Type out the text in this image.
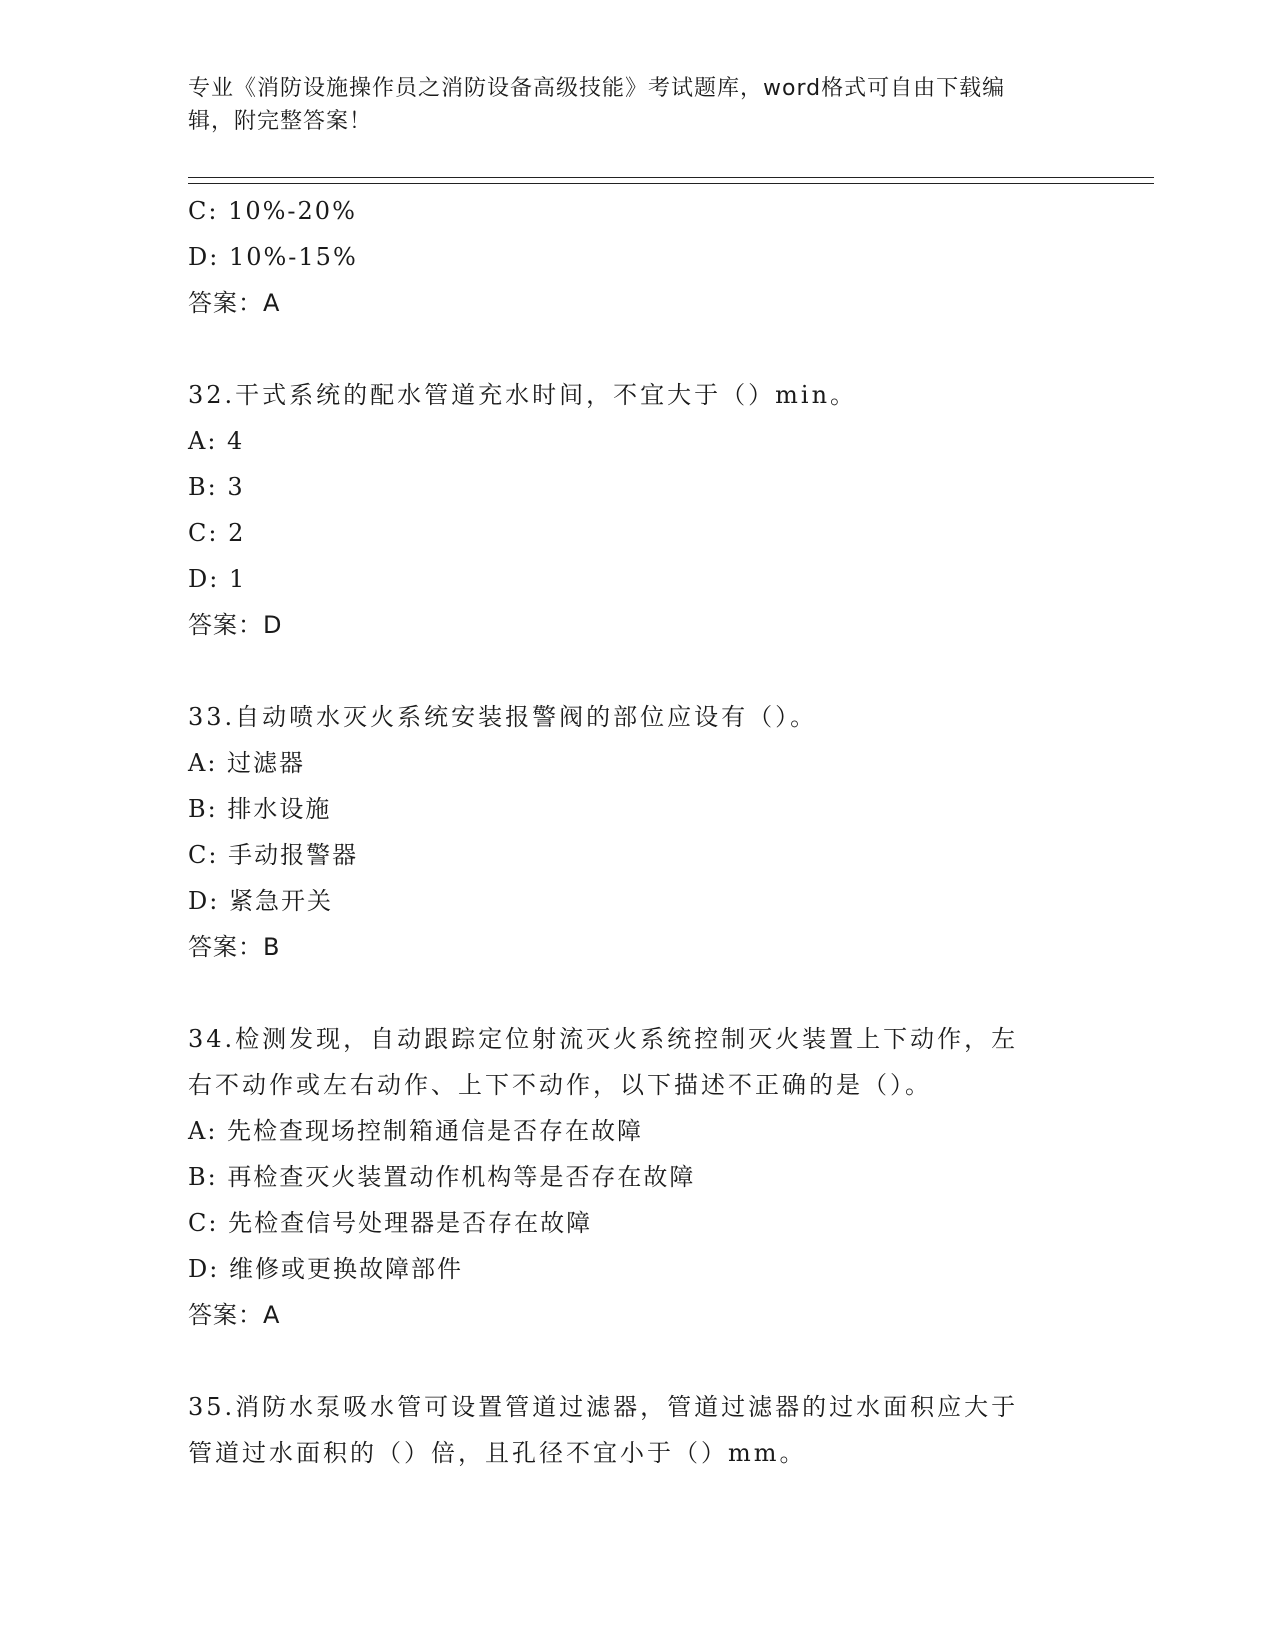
专业《消防设施操作员之消防设备高级技能》考试题库，word格式可自由下载编
辑，附完整答案！
C: 10%-20%
D: 10%-15%
答案：A
32.干式系统的配水管道充水时间，不宜大于（）min。
A: 4
B: 3
C: 2
D: 1
答案：D
33.自动喷水灭火系统安装报警阀的部位应设有（）。
A: 过滤器
B: 排水设施
C: 手动报警器
D: 紧急开关
答案：B
34.检测发现，自动跟踪定位射流灭火系统控制灭火装置上下动作，左
右不动作或左右动作、上下不动作，以下描述不正确的是（）。
A: 先检查现场控制箱通信是否存在故障
B: 再检查灭火装置动作机构等是否存在故障
C: 先检查信号处理器是否存在故障
D: 维修或更换故障部件
答案：A
35.消防水泵吸水管可设置管道过滤器，管道过滤器的过水面积应大于
管道过水面积的（）倍，且孔径不宜小于（）mm。
